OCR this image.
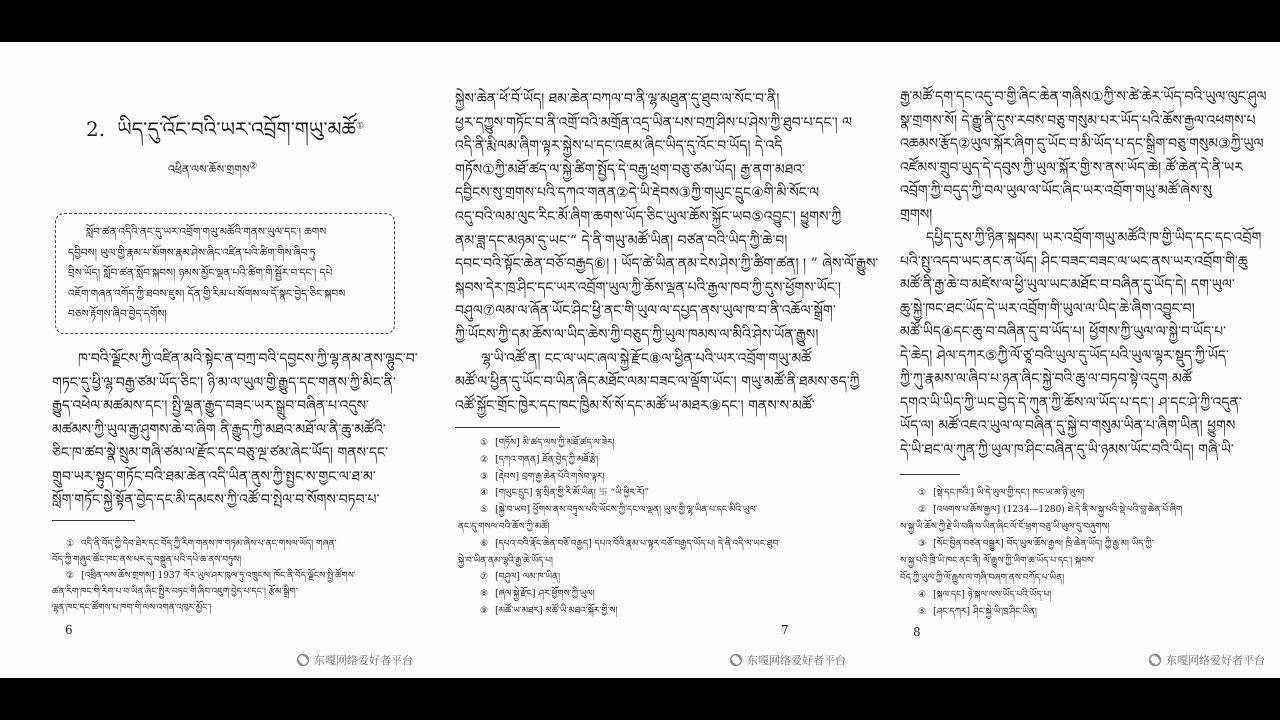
2. ཡིད་དུ་འོང་བའི་ཡར་འབྲོག་གཡུ་མཚོ①
འཕྲིན་ལས་ཆོས་གྲགས②
སློབ་ཚན་འདིའི་ནང་དུ་ཡར་འབྲོག་གཡུ་མཚོའི་གནས་ཡུལ་དང་། ཆགས
དབྱིབས། ཡུལ་གྱི་རྣམ་པ་སོགས་རྣམ་ཤེས་ཞིང་འཛིན་པའི་ཚིག་གིས་ཞིབ་ཏུ
བྲིས་ཡོད། སློབ་ཚན་སློབ་སྐབས། ཉམས་མྱོང་ལྡན་པའི་ཚིག་གི་སྦྱོར་བ་དང་། དཔེ
འཇོག་གཞན་འགོད་ཀྱི་ཐབས་ཇུས། དོན་གྱི་རིམ་པ་སོགས་ལ་དོ་སྣང་བྱེད་ཅིང་སྐབས
བཅས་རྟོགས་ཞིབ་བྱེད་དགོས།
ཁ་བའི་ལྗོངས་ཀྱི་འཛིན་མའི་སྟེང་ན་བཀྲ་བའི་དབྱངས་ཀྱི་ལྷ་ནམ་ནས་ལྷུང་བ་
གཏང་དུ་ཕྱི་ལྷ་བརྒྱ་ཙམ་ཡོད་ཅིང་། ཉི་མ་ལ་ཡུལ་གྱི་རྒྱུད་དང་གནས་ཀྱི་མིང་ནི་
རྒྱུད་འཕེལ་མཚམས་དང་། སྤྱི་ལྡན་རྒྱུད་བཟང་ཡར་སྒྲུབ་བཞིན་པ་འདུས་
མཚམས་ཀྱི་ཡུལ་རྒྱ་ཤུགས་ཆེ་བ་ཞིག ནི་རྒྱུད་ཀྱི་མཐའ་མཐོ་ལ་ནི་ཆུ་མཚོའི་
ཅིང་ཁ་ཚབ་སྣེ་སྲུམ་གཞི་ཙམ་ལ་རྫོང་དང་བཅུ་ལྔ་ཙམ་ཞེང་ཡོད། གནས་དང་
གྲུབ་ཡར་སྟུད་གཏོང་བའི་ཐམ་ཆེན་འདི་ཡིན་ནུས་ཀྱི་སྤྱང་ས་གྱང་ལ་ཐ་མ་
སློག་གཏོང་སྐྱེ་སྟོན་བྱེད་དང་མི་དམངས་ཀྱི་འཚོ་བ་སྤེལ་བ་སོགས་བཏབ་པ་
① འདི་ནི་བོད་ཀྱི་དེབ་ཐེར་དང་བོད་ཀྱི་རིག་གནས་ཁ་གཏམ་ཞེས་པ་ནང་གསལ་ཡོད། གཞན་
བོད་ཀྱི་གཞུང་ཚོང་ཁང་ནས་པར་དུ་བསྐྲུན་པའི་དཔེ་ཆ་ནས་བཏུས།
② [འཕྲིན་ལས་ཆོས་གྲགས] 1937 ལོར་ཡུལ་ཤར་ཁུལ་ཏུ་འཁྲུངས། ཁོང་ནི་བོད་ལྗོངས་སྤྱི་ཚོགས་
ཚན་རིག་ཁང་གི་རིག་པ་བ་ཡིན་ཞིང་སྤྱིར་བཏང་གི་ཞིབ་འཇུག་བྱེད་པ་དང་། རྩོམ་སྒྲིག་
ལྷན་ཁང་དང་ཚོགས་པ་ཁག་གི་ལས་འགན་འཁུར་མྱོང་།
6
东嘎网络爱好者平台
སྐྱེས་ཆེན་ཕོ་བོ་ཡོད། ཐམ་ཆེན་བཀལ་བ་ནི་ལྷ་མཐུན་དུ་ཐུབ་ལ་སོང་བ་ནི།
ཕྱར་དཀྱུས་གཏོང་བ་ནི་འགྲོ་བའི་མགྲོན་འདྲ་ཡིན་པས་བཀྲ་ཤིས་པ་ཤེས་ཀྱི་ཐུབ་པ་དང་། ལ
འདི་ནི་རྨི་ལམ་ཞིག་ལྟར་སྐྱེས་པ་དང་འཇམ་ཞིང་ཡིད་དུ་འོང་བ་ཡོད། དེ་འདི
གཏོས①ཀྱི་མཐོ་ཚད་ལ་སྐྱེ་ཚིག་སྤྱོད་དེ་བརྒྱ་ཕྲག་བཅུ་ཙམ་ཡོད། རྒྱ་ནག་མཐའ་
དབྱིངས་སུ་གྲགས་པའི་དཀའ་གནན②དེ་ཡི་རྡེབས③ཀྱི་གཡུང་དྲུང④གི་མི་སོང་ལ
འདུ་བའི་ལམ་ལུང་རིང་མོ་ཞིག་ཆགས་ཡོད་ཅིང་ཡུལ་ཆོས་སྐྱོང་ཡབ⑤འབྱུང་། ཕྱུགས་ཀྱི
ནམ་ཟླ་དང་མཉམ་དུ་ཡང་“ དེ་ནི་གཡུ་མཚོ་ཡིན། བཙན་བའི་ཡིད་ཀྱི་ཆེ་བ།
དབང་བའི་སྟོང་ཆེན་བཅོ་བརྒྱད⑥། ། ཡོད་ཚེ་ཡིན་ནམ་ངེས་ཤེས་ཀྱི་ཚིག་ཚན། ། ” ཞེས་ལོ་རྒྱུས་
སྐབས་དེར་ཁྲ་ཤིང་དང་ཡར་འབྲོག་ཡུལ་ཀྱི་ཆོས་ལྡན་པའི་རྒྱལ་ཁབ་ཀྱི་དུས་ཕྱོགས་ཡོང་།
བཤུལ⑦ལམ་ལ་ཞོན་ཡོང་ཤིང་ཕྱི་ནང་གི་ཡུལ་ལ་དཔྱད་ནས་ཡུལ་ཁ་བ་ནི་འཆོལ་སྒྲོག་
ཀྱི་ཡོངས་ཀྱི་དམ་ཆོས་ལ་ཡིད་ཆེས་ཀྱི་བཅུད་ཀྱི་ཡུལ་ཁམས་ལ་མིའི་ཤེས་ཡོན་རྒྱུས།
ལྷ་ཡི་འཚོ་ན། ངང་ལ་ཡང་ཞལ་སྐྱེ་རྫོང⑧ལ་ཕྱིན་པའི་ཡར་འབྲོག་གཡུ་མཚོ
མཚོ་ལ་ཕྱིན་དུ་ཡོང་བ་ཡིན་ཞིང་མཐོང་ལམ་བཟང་ལ་ལྡོག་ཡོང་། གཡུ་མཚོ་ནི་ཐམས་ཅད་ཀྱི
འཚོ་སྐྱོང་གྲོང་ཁྱེར་དང་ཁང་ཁྱིམ་སོ་སོ་དང་མཚོ་ཡ་མཐར⑨དང་། གནས་ས་མཚོ་
① [གཏོས] མི་ཚད་ལས་ཀྱི་མཐོ་ཚད་ལ་ཟེར།
② [དཀའ་གནན] ཐོན་བྱེད་ཀྱི་མཐོ་རྩེ།
③ [རྡེབས] བྲག་རྒྱ་ཆེན་པོའི་གསེབ་ལྟར།
④ [གཡུང་དྲུང] ལྷ་སྲིན་གྱི་རི་མོ་ཡིན། 卐 “ཡི་ཕྱིར་རོ།”
⑤ [སྐྱེ་བ་ཡབ] ཕྱོགས་ནས་བཏུས་པའི་ཡོངས་ཀྱི་དང་ལ་ལྡན། ཡུལ་གྱི་ལྷ་ཡིན་པ་དང་མིའི་ཡུལ་
ནང་དུ་གསལ་བའི་ཆོས་ཀྱི་མཚོ།
⑥ [དཔའ་བའི་རྣོང་ཆེན་བཅོ་བརྒྱད] དཔའ་བོའི་རྣམ་པ་ལྟར་བཅོ་བརྒྱད་ཡོད་པ། དེ་ནི་འདི་ལ་ཡང་ཐུབ་
སྐྱེ་བ་ཡིན་ནམ་ལྷའི་རྒྱ་ཆེ་ཡོད་པ།
⑦ [བཤུལ] ལམ་ཁ་ཡིན།
⑧ [ཞལ་སྐྱེ་རྫོང] ཤར་ཕྱོགས་ཀྱི་ཡུལ།
⑨ [མཚོ་ཡ་མཐར] མཚོ་ཡི་མཐའ་སྐོར་གྱི་ས།
7
东嘎网络爱好者平台
རྒྱ་མཚོ་དག་དང་འདུ་བ་གྱི་ཞིང་ཆེན་གཞིས①ཀྱི་ས་ཚེ་ཆེར་ཡོད་བའི་ཡུལ་ལུང་ཤུལ
སྣ་གྲགས་སོ། དེ་རྒྱུ་ནི་དུས་རབས་བཅུ་གསུམ་པར་ཡོད་པའི་ཆོས་རྒྱལ་འཕགས་པ
འཆམས་རྩོད②ཡུལ་སྐོར་ཞིག་དུ་ཡོང་བ་མི་ཡོད་པ་དང་སྒྲིག་བཅུ་གསུམ③ཀྱི་ཡུལ
འཛོམས་གྲུབ་ཡུད་དེ་དབུས་ཀྱི་ཡུལ་སྐོར་གྱི་ས་ནས་ཡོད་ཆེ། ཚོ་ཆེན་དེ་ནི་ཡར
འབྲོག་ཀྱི་བདུད་ཀྱི་བལ་ཡུལ་ལ་ཡོང་ཞིང་ཡར་འབྲོག་གཡུ་མཚོ་ཞེས་སུ
གྲགས།
དཔྱིད་དུས་ཀྱི་ཉིན་སྐབས། ཡར་འབྲོག་གཡུ་མཚོའི་ཁ་གྱི་ཡིད་དང་དང་འབྲོག
པའི་སྤུ་འདབ་ཡང་ནང་ན་ཡོད། ཤིང་བཟང་བཟང་ལ་ཡང་ནས་ཡར་འབྲོག་གི་ཆུ
མཚོ་ནི་རྒྱ་ཆེ་བ་མཛེས་ལ་ཕྱི་ཡུལ་ཡང་མཐོང་བ་བཞིན་དུ་ཡོད་དེ། དག་ཡུལ་
ཆུ་སྐྱེ་ཁང་ཐང་ཡོད་དེ་ཡར་འབྲོག་གི་ཡུལ་ལ་ཡིད་ཆེ་ཞིག་འབྱུང་བ།
མཚོ་ཡིད④དང་ཆུ་བ་བཞིན་དུ་བ་ཡོད་པ། ཕྱོགས་ཀྱི་ཡུལ་ལ་སྐྱེ་བ་ཡོད་པ་
དེ་ཆེད། ཤེལ་དཀར⑤ཀྱི་ལོ་ཙཱ་བའི་ཡུལ་དུ་ཡོད་པའི་ཡུལ་ལྟར་སྡུད་ཀྱི་ཡོད་
ཀྱི་ཀུ་རྣམས་ལ་ཞིབ་པ་ཉན་ཞིང་སྐྱེ་བའི་ཆུ་ལ་བཏབ་སྟེ་འདུག མཚོ
དགའ་ཡི་ཡིད་ཀྱི་ཡང་བྱེད་དེ་ཀུན་ཀྱི་ཆོས་ལ་ཡོད་པ་དང་། ཤ་དང་ཤེ་ཀྱི་འདུན་
ཡོད་ལ། མཚོ་འཇའ་ཡུལ་ལ་བཞིན་དུ་སྐྱེ་བ་གསུམ་ཡིན་པ་ཞིག་ཡིན། ཕྱུགས
དེ་ཡི་ཐང་ལ་ཀུན་ཀྱི་ཡུལ་ཁ་ཤིང་བཞིན་དུ་ཡི་ཉམས་ཡོང་བའི་ཡིད། གཞི་ཡི་
① [སྡེ་དང་ཁའི་] ཡི་དེ་ཡུལ་གྱི་དང་། ཁང་ཡ་མ་ཉི་ཡུལ།
② [འཕགས་པ་ཆོས་རྒྱལ] (1234—1280) ཐེ་དེ་ནི་ས་སྐྱ་པའི་སྡེ་པའི་བླ་ཆེན་པོ་ཞིག
ས་སྐྱ་ཡི་ཆོས་ཀྱི་རྗེ་ཡི་བཞི་བ་ཡིན་ཞིང་ལོ་ངོ་ཕྲག་བཅུ་ཡི་ཡུལ་དུ་བཞུགས།
③ [སོང་བྱིན་བཙན་བསྒྱུར] བོད་ཡུལ་ཆོས་རྒྱལ། ཁྲི་ཆེན་ཡོད། ཀྱི་རྒྱ་མ། ཡིད་ཀྱི་
ས་སྐྱ་པའི་ཁྲི་ཡི་ཁང་ནང་ནི། ལོ་རྒྱུས་ཀྱི་ཡིག་ཆ་ཡོད་པ་དང་། སྐབས་
བོད་ཀྱི་ཡུལ་ཀྱི་ལོ་རྒྱུས་ལ་གཞི་བཞག་ནས་བཀོད་པ་ཡིན།
④ [སྐལ་དང] ཉེ་སྐལ་ལས་ཡོད་པའི་ཡོད་པ།
⑤ [ཤང་དཀར] ཤིང་སྐྱེ་ཡི་ཁྲ་ཤིང་ཡིན།
8
东嘎网络爱好者平台
